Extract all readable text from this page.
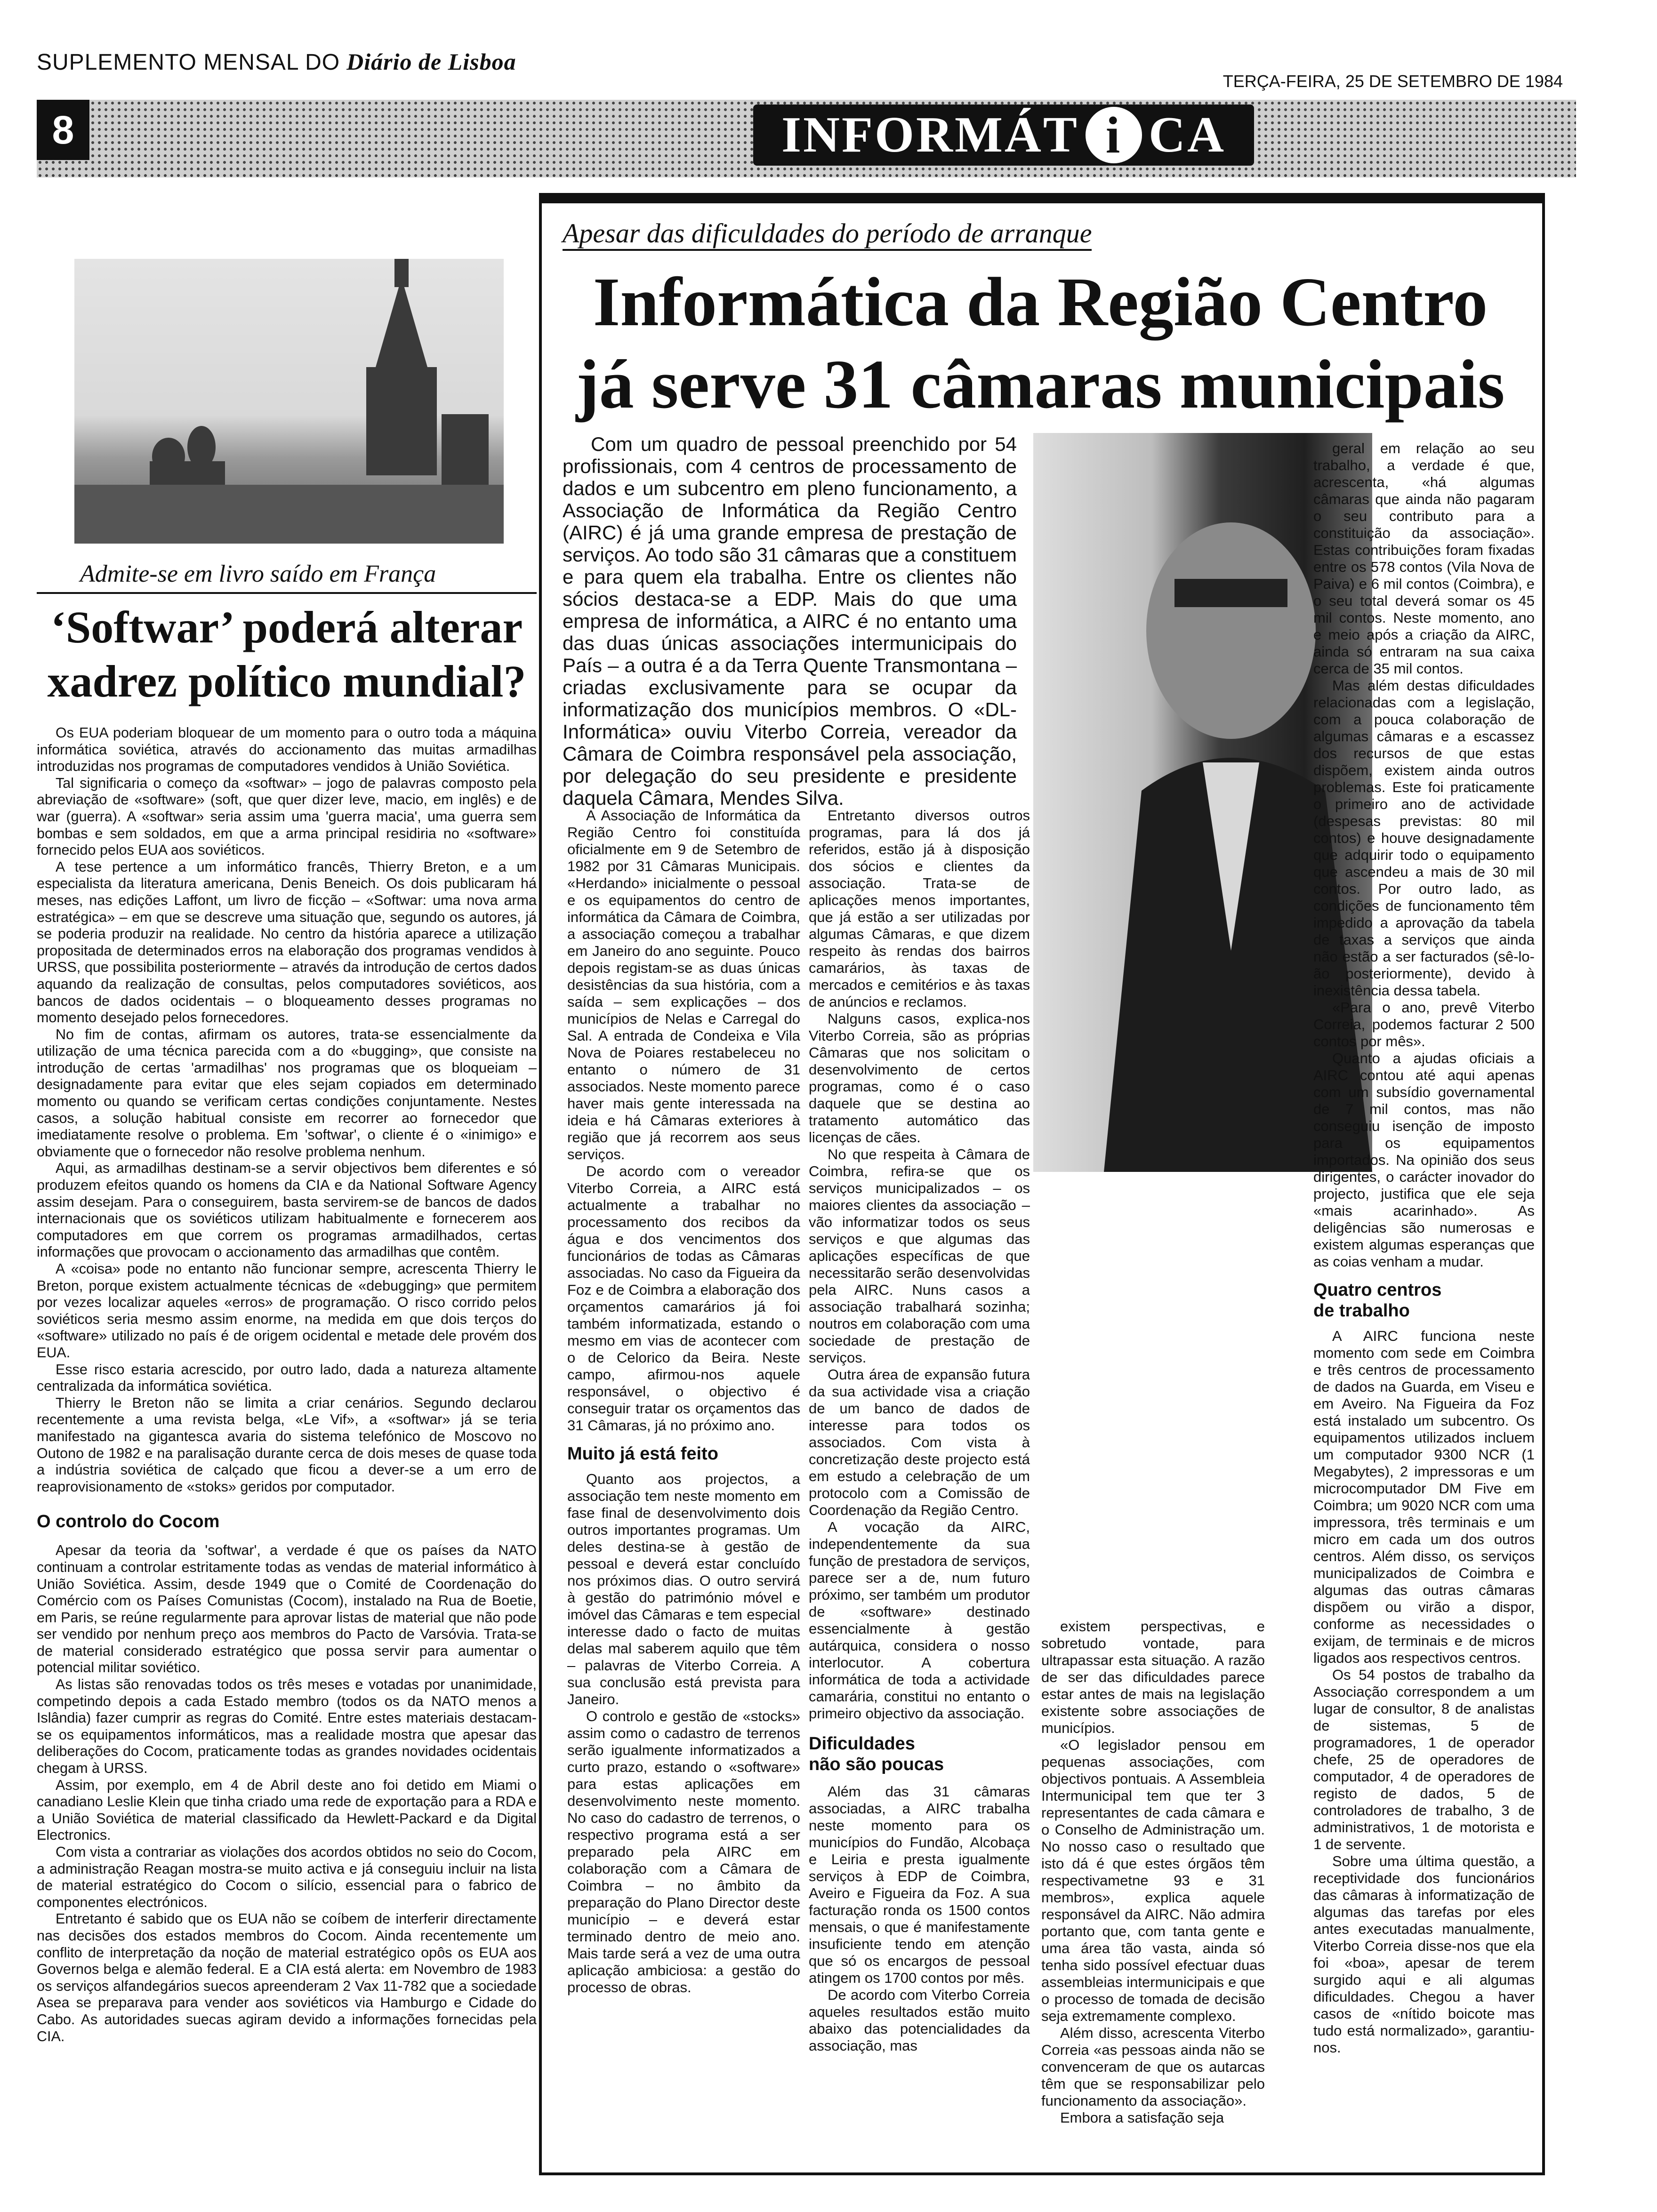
SUPLEMENTO MENSAL DO Diário de Lisboa
TERÇA-FEIRA, 25 DE SETEMBRO DE 1984
8	INFORMÁT i CA
Admite-se em livro saído em França
‘Softwar’ poderá alterar
xadrez político mundial?

Os EUA poderiam bloquear de um momento para o outro toda a máquina informática soviética, através do accionamento das muitas armadilhas introduzidas nos programas de computadores vendidos à União Soviética.

Tal significaria o começo da «softwar» – jogo de palavras composto pela abreviação de «software» (soft, que quer dizer leve, macio, em inglês) e de war (guerra). A «softwar» seria assim uma 'guerra macia', uma guerra sem bombas e sem soldados, em que a arma principal residiria no «software» fornecido pelos EUA aos soviéticos.

A tese pertence a um informático francês, Thierry Breton, e a um especialista da literatura americana, Denis Beneich. Os dois publicaram há meses, nas edições Laffont, um livro de ficção – «Softwar: uma nova arma estratégica» – em que se descreve uma situação que, segundo os autores, já se poderia produzir na realidade. No centro da história aparece a utilização propositada de determinados erros na elaboração dos programas vendidos à URSS, que possibilita posteriormente – através da introdução de certos dados aquando da realização de consultas, pelos computadores soviéticos, aos bancos de dados ocidentais – o bloqueamento desses programas no momento desejado pelos fornecedores.

No fim de contas, afirmam os autores, trata-se essencialmente da utilização de uma técnica parecida com a do «bugging», que consiste na introdução de certas 'armadilhas' nos programas que os bloqueiam – designadamente para evitar que eles sejam copiados em determinado momento ou quando se verificam certas condições conjuntamente. Nestes casos, a solução habitual consiste em recorrer ao fornecedor que imediatamente resolve o problema. Em 'softwar', o cliente é o «inimigo» e obviamente que o fornecedor não resolve problema nenhum.

Aqui, as armadilhas destinam-se a servir objectivos bem diferentes e só produzem efeitos quando os homens da CIA e da National Software Agency assim desejam. Para o conseguirem, basta servirem-se de bancos de dados internacionais que os soviéticos utilizam habitualmente e fornecerem aos computadores em que correm os programas armadilhados, certas informações que provocam o accionamento das armadilhas que contêm.

A «coisa» pode no entanto não funcionar sempre, acrescenta Thierry le Breton, porque existem actualmente técnicas de «debugging» que permitem por vezes localizar aqueles «erros» de programação. O risco corrido pelos soviéticos seria mesmo assim enorme, na medida em que dois terços do «software» utilizado no país é de origem ocidental e metade dele provém dos EUA.

Esse risco estaria acrescido, por outro lado, dada a natureza altamente centralizada da informática soviética.

Thierry le Breton não se limita a criar cenários. Segundo declarou recentemente a uma revista belga, «Le Vif», a «softwar» já se teria manifestado na gigantesca avaria do sistema telefónico de Moscovo no Outono de 1982 e na paralisação durante cerca de dois meses de quase toda a indústria soviética de calçado que ficou a dever-se a um erro de reaprovisionamento de «stoks» geridos por computador.

O controlo do Cocom

Apesar da teoria da 'softwar', a verdade é que os países da NATO continuam a controlar estritamente todas as vendas de material informático à União Soviética. Assim, desde 1949 que o Comité de Coordenação do Comércio com os Países Comunistas (Cocom), instalado na Rua de Boetie, em Paris, se reúne regularmente para aprovar listas de material que não pode ser vendido por nenhum preço aos membros do Pacto de Varsóvia. Trata-se de material considerado estratégico que possa servir para aumentar o potencial militar soviético.

As listas são renovadas todos os três meses e votadas por unanimidade, competindo depois a cada Estado membro (todos os da NATO menos a Islândia) fazer cumprir as regras do Comité. Entre estes materiais destacam-se os equipamentos informáticos, mas a realidade mostra que apesar das deliberações do Cocom, praticamente todas as grandes novidades ocidentais chegam à URSS.

Assim, por exemplo, em 4 de Abril deste ano foi detido em Miami o canadiano Leslie Klein que tinha criado uma rede de exportação para a RDA e a União Soviética de material classificado da Hewlett-Packard e da Digital Electronics.

Com vista a contrariar as violações dos acordos obtidos no seio do Cocom, a administração Reagan mostra-se muito activa e já conseguiu incluir na lista de material estratégico do Cocom o silício, essencial para o fabrico de componentes electrónicos.

Entretanto é sabido que os EUA não se coíbem de interferir directamente nas decisões dos estados membros do Cocom. Ainda recentemente um conflito de interpretação da noção de material estratégico opôs os EUA aos Governos belga e alemão federal. E a CIA está alerta: em Novembro de 1983 os serviços alfandegários suecos apreenderam 2 Vax 11-782 que a sociedade Asea se preparava para vender aos soviéticos via Hamburgo e Cidade do Cabo. As autoridades suecas agiram devido a informações fornecidas pela CIA.

Apesar das dificuldades do período de arranque
Informática da Região Centro
já serve 31 câmaras municipais
Com um quadro de pessoal preenchido por 54 profissionais, com 4 centros de processamento de dados e um subcentro em pleno funcionamento, a Associação de Informática da Região Centro (AIRC) é já uma grande empresa de prestação de serviços. Ao todo são 31 câmaras que a constituem e para quem ela trabalha. Entre os clientes não sócios destaca-se a EDP. Mais do que uma empresa de informática, a AIRC é no entanto uma das duas únicas associações intermunicipais do País – a outra é a da Terra Quente Transmontana – criadas exclusivamente para se ocupar da informatização dos municípios membros. O «DL-Informática» ouviu Viterbo Correia, vereador da Câmara de Coimbra responsável pela associação, por delegação do seu presidente e presidente daquela Câmara, Mendes Silva.

A Associação de Informática da Região Centro foi constituída oficialmente em 9 de Setembro de 1982 por 31 Câmaras Municipais. «Herdando» inicialmente o pessoal e os equipamentos do centro de informática da Câmara de Coimbra, a associação começou a trabalhar em Janeiro do ano seguinte. Pouco depois registam-se as duas únicas desistências da sua história, com a saída – sem explicações – dos municípios de Nelas e Carregal do Sal. A entrada de Condeixa e Vila Nova de Poiares restabeleceu no entanto o número de 31 associados. Neste momento parece haver mais gente interessada na ideia e há Câmaras exteriores à região que já recorrem aos seus serviços.

De acordo com o vereador Viterbo Correia, a AIRC está actualmente a trabalhar no processamento dos recibos da água e dos vencimentos dos funcionários de todas as Câmaras associadas. No caso da Figueira da Foz e de Coimbra a elaboração dos orçamentos camarários já foi também informatizada, estando o mesmo em vias de acontecer com o de Celorico da Beira. Neste campo, afirmou-nos aquele responsável, o objectivo é conseguir tratar os orçamentos das 31 Câmaras, já no próximo ano.

Muito já está feito

Quanto aos projectos, a associação tem neste momento em fase final de desenvolvimento dois outros importantes programas. Um deles destina-se à gestão de pessoal e deverá estar concluído nos próximos dias. O outro servirá à gestão do património móvel e imóvel das Câmaras e tem especial interesse dado o facto de muitas delas mal saberem aquilo que têm – palavras de Viterbo Correia. A sua conclusão está prevista para Janeiro.

O controlo e gestão de «stocks» assim como o cadastro de terrenos serão igualmente informatizados a curto prazo, estando o «software» para estas aplicações em desenvolvimento neste momento. No caso do cadastro de terrenos, o respectivo programa está a ser preparado pela AIRC em colaboração com a Câmara de Coimbra – no âmbito da preparação do Plano Director deste município – e deverá estar terminado dentro de meio ano. Mais tarde será a vez de uma outra aplicação ambiciosa: a gestão do processo de obras.

Entretanto diversos outros programas, para lá dos já referidos, estão já à disposição dos sócios e clientes da associação. Trata-se de aplicações menos importantes, que já estão a ser utilizadas por algumas Câmaras, e que dizem respeito às rendas dos bairros camarários, às taxas de mercados e cemitérios e às taxas de anúncios e reclamos.

Nalguns casos, explica-nos Viterbo Correia, são as próprias Câmaras que nos solicitam o desenvolvimento de certos programas, como é o caso daquele que se destina ao tratamento automático das licenças de cães.

No que respeita à Câmara de Coimbra, refira-se que os serviços municipalizados – os maiores clientes da associação – vão informatizar todos os seus serviços e que algumas das aplicações específicas de que necessitarão serão desenvolvidas pela AIRC. Nuns casos a associação trabalhará sozinha; noutros em colaboração com uma sociedade de prestação de serviços.

Outra área de expansão futura da sua actividade visa a criação de um banco de dados de interesse para todos os associados. Com vista à concretização deste projecto está em estudo a celebração de um protocolo com a Comissão de Coordenação da Região Centro.

A vocação da AIRC, independentemente da sua função de prestadora de serviços, parece ser a de, num futuro próximo, ser também um produtor de «software» destinado essencialmente à gestão autárquica, considera o nosso interlocutor. A cobertura informática de toda a actividade camarária, constitui no entanto o primeiro objectivo da associação.

Dificuldades
não são poucas

Além das 31 câmaras associadas, a AIRC trabalha neste momento para os municípios do Fundão, Alcobaça e Leiria e presta igualmente serviços à EDP de Coimbra, Aveiro e Figueira da Foz. A sua facturação ronda os 1500 contos mensais, o que é manifestamente insuficiente tendo em atenção que só os encargos de pessoal atingem os 1700 contos por mês.

De acordo com Viterbo Correia aqueles resultados estão muito abaixo das potencialidades da associação, mas

existem perspectivas, e sobretudo vontade, para ultrapassar esta situação. A razão de ser das dificuldades parece estar antes de mais na legislação existente sobre associações de municípios.

«O legislador pensou em pequenas associações, com objectivos pontuais. A Assembleia Intermunicipal tem que ter 3 representantes de cada câmara e o Conselho de Administração um. No nosso caso o resultado que isto dá é que estes órgãos têm respectivametne 93 e 31 membros», explica aquele responsável da AIRC. Não admira portanto que, com tanta gente e uma área tão vasta, ainda só tenha sido possível efectuar duas assembleias intermunicipais e que o processo de tomada de decisão seja extremamente complexo.

Além disso, acrescenta Viterbo Correia «as pessoas ainda não se convenceram de que os autarcas têm que se responsabilizar pelo funcionamento da associação».

Embora a satisfação seja

geral em relação ao seu trabalho, a verdade é que, acrescenta, «há algumas câmaras que ainda não pagaram o seu contributo para a constituição da associação». Estas contribuições foram fixadas entre os 578 contos (Vila Nova de Paiva) e 6 mil contos (Coimbra), e o seu total deverá somar os 45 mil contos. Neste momento, ano e meio após a criação da AIRC, ainda só entraram na sua caixa cerca de 35 mil contos.

Mas além destas dificuldades relacionadas com a legislação, com a pouca colaboração de algumas câmaras e a escassez dos recursos de que estas dispõem, existem ainda outros problemas. Este foi praticamente o primeiro ano de actividade (despesas previstas: 80 mil contos) e houve designadamente que adquirir todo o equipamento que ascendeu a mais de 30 mil contos. Por outro lado, as condições de funcionamento têm impedido a aprovação da tabela de taxas a serviços que ainda não estão a ser facturados (sê-lo-ão posteriormente), devido à inexistência dessa tabela.

«Para o ano, prevê Viterbo Correia, podemos facturar 2 500 contos por mês».

Quanto a ajudas oficiais a AIRC contou até aqui apenas com um subsídio governamental de 7 mil contos, mas não conseguiu isenção de imposto para os equipamentos importados. Na opinião dos seus dirigentes, o carácter inovador do projecto, justifica que ele seja «mais acarinhado». As deligências são numerosas e existem algumas esperanças que as coias venham a mudar.

Quatro centros
de trabalho

A AIRC funciona neste momento com sede em Coimbra e três centros de processamento de dados na Guarda, em Viseu e em Aveiro. Na Figueira da Foz está instalado um subcentro. Os equipamentos utilizados incluem um computador 9300 NCR (1 Megabytes), 2 impressoras e um microcomputador DM Five em Coimbra; um 9020 NCR com uma impressora, três terminais e um micro em cada um dos outros centros. Além disso, os serviços municipalizados de Coimbra e algumas das outras câmaras dispõem ou virão a dispor, conforme as necessidades o exijam, de terminais e de micros ligados aos respectivos centros.

Os 54 postos de trabalho da Associação correspondem a um lugar de consultor, 8 de analistas de sistemas, 5 de programadores, 1 de operador chefe, 25 de operadores de computador, 4 de operadores de registo de dados, 5 de controladores de trabalho, 3 de administrativos, 1 de motorista e 1 de servente.

Sobre uma última questão, a receptividade dos funcionários das câmaras à informatização de algumas das tarefas por eles antes executadas manualmente, Viterbo Correia disse-nos que ela foi «boa», apesar de terem surgido aqui e ali algumas dificuldades. Chegou a haver casos de «nítido boicote mas tudo está normalizado», garantiu-nos.
